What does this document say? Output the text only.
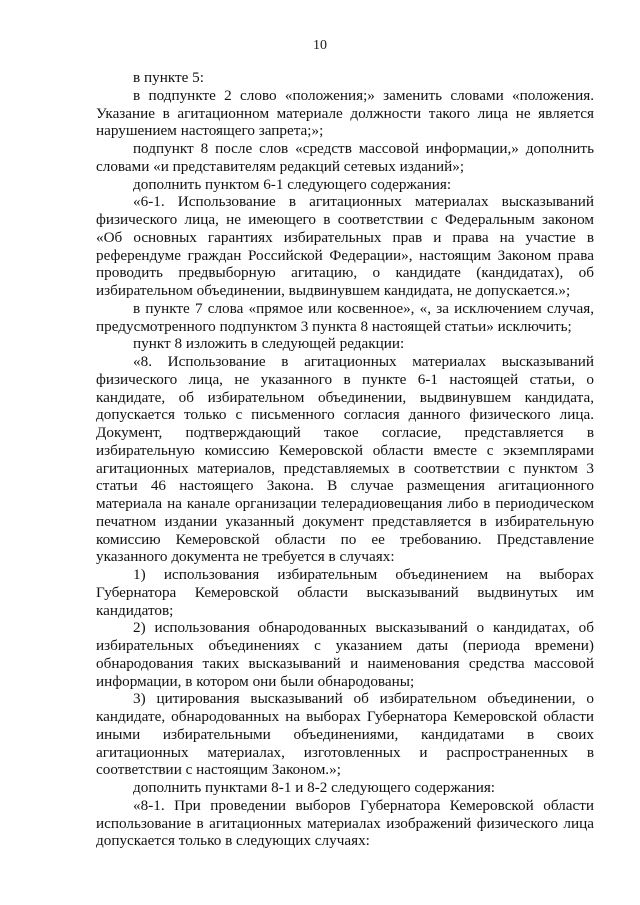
10

в пункте 5:

в подпункте 2 слово «положения;» заменить словами «положения. Указание в агитационном материале должности такого лица не является нарушением настоящего запрета;»;

подпункт 8 после слов «средств массовой информации,» дополнить словами «и представителям редакций сетевых изданий»;

дополнить пунктом 6-1 следующего содержания:

«6-1. Использование в агитационных материалах высказываний физического лица, не имеющего в соответствии с Федеральным законом «Об основных гарантиях избирательных прав и права на участие в референдуме граждан Российской Федерации», настоящим Законом права проводить предвыборную агитацию, о кандидате (кандидатах), об избирательном объединении, выдвинувшем кандидата, не допускается.»;

в пункте 7 слова «прямое или косвенное», «, за исключением случая, предусмотренного подпунктом 3 пункта 8 настоящей статьи» исключить;

пункт 8 изложить в следующей редакции:

«8. Использование в агитационных материалах высказываний физического лица, не указанного в пункте 6-1 настоящей статьи, о кандидате, об избирательном объединении, выдвинувшем кандидата, допускается только с письменного согласия данного физического лица. Документ, подтверждающий такое согласие, представляется в избирательную комиссию Кемеровской области вместе с экземплярами агитационных материалов, представляемых в соответствии с пунктом 3 статьи 46 настоящего Закона. В случае размещения агитационного материала на канале организации телерадиовещания либо в периодическом печатном издании указанный документ представляется в избирательную комиссию Кемеровской области по ее требованию. Представление указанного документа не требуется в случаях:

1) использования избирательным объединением на выборах Губернатора Кемеровской области высказываний выдвинутых им кандидатов;

2) использования обнародованных высказываний о кандидатах, об избирательных объединениях с указанием даты (периода времени) обнародования таких высказываний и наименования средства массовой информации, в котором они были обнародованы;

3) цитирования высказываний об избирательном объединении, о кандидате, обнародованных на выборах Губернатора Кемеровской области иными избирательными объединениями, кандидатами в своих агитационных материалах, изготовленных и распространенных в соответствии с настоящим Законом.»;

дополнить пунктами 8-1 и 8-2 следующего содержания:

«8-1. При проведении выборов Губернатора Кемеровской области использование в агитационных материалах изображений физического лица допускается только в следующих случаях:
